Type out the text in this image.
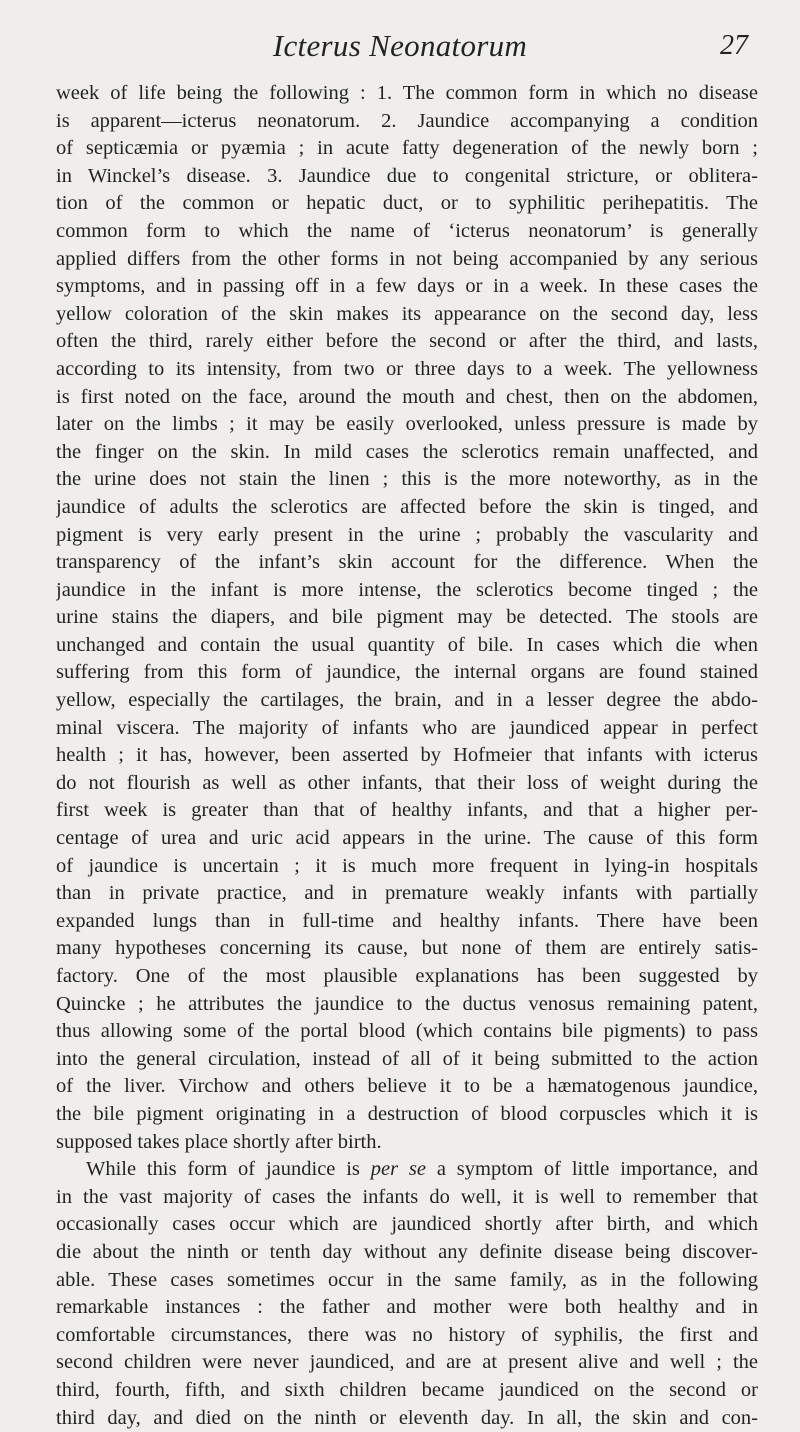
Icterus Neonatorum	27
week of life being the following : 1. The common form in which no disease
is apparent—icterus neonatorum. 2. Jaundice accompanying a condition
of septicæmia or pyæmia ; in acute fatty degeneration of the newly born ;
in Winckel’s disease. 3. Jaundice due to congenital stricture, or oblitera-
tion of the common or hepatic duct, or to syphilitic perihepatitis. The
common form to which the name of ‘icterus neonatorum’ is generally
applied differs from the other forms in not being accompanied by any serious
symptoms, and in passing off in a few days or in a week. In these cases the
yellow coloration of the skin makes its appearance on the second day, less
often the third, rarely either before the second or after the third, and lasts,
according to its intensity, from two or three days to a week. The yellowness
is first noted on the face, around the mouth and chest, then on the abdomen,
later on the limbs ; it may be easily overlooked, unless pressure is made by
the finger on the skin. In mild cases the sclerotics remain unaffected, and
the urine does not stain the linen ; this is the more noteworthy, as in the
jaundice of adults the sclerotics are affected before the skin is tinged, and
pigment is very early present in the urine ; probably the vascularity and
transparency of the infant’s skin account for the difference. When the
jaundice in the infant is more intense, the sclerotics become tinged ; the
urine stains the diapers, and bile pigment may be detected. The stools are
unchanged and contain the usual quantity of bile. In cases which die when
suffering from this form of jaundice, the internal organs are found stained
yellow, especially the cartilages, the brain, and in a lesser degree the abdo-
minal viscera. The majority of infants who are jaundiced appear in perfect
health ; it has, however, been asserted by Hofmeier that infants with icterus
do not flourish as well as other infants, that their loss of weight during the
first week is greater than that of healthy infants, and that a higher per-
centage of urea and uric acid appears in the urine. The cause of this form
of jaundice is uncertain ; it is much more frequent in lying-in hospitals
than in private practice, and in premature weakly infants with partially
expanded lungs than in full-time and healthy infants. There have been
many hypotheses concerning its cause, but none of them are entirely satis-
factory. One of the most plausible explanations has been suggested by
Quincke ; he attributes the jaundice to the ductus venosus remaining patent,
thus allowing some of the portal blood (which contains bile pigments) to pass
into the general circulation, instead of all of it being submitted to the action
of the liver. Virchow and others believe it to be a hæmatogenous jaundice,
the bile pigment originating in a destruction of blood corpuscles which it is
supposed takes place shortly after birth.
While this form of jaundice is per se a symptom of little importance, and
in the vast majority of cases the infants do well, it is well to remember that
occasionally cases occur which are jaundiced shortly after birth, and which
die about the ninth or tenth day without any definite disease being discover-
able. These cases sometimes occur in the same family, as in the following
remarkable instances : the father and mother were both healthy and in
comfortable circumstances, there was no history of syphilis, the first and
second children were never jaundiced, and are at present alive and well ; the
third, fourth, fifth, and sixth children became jaundiced on the second or
third day, and died on the ninth or eleventh day. In all, the skin and con-
